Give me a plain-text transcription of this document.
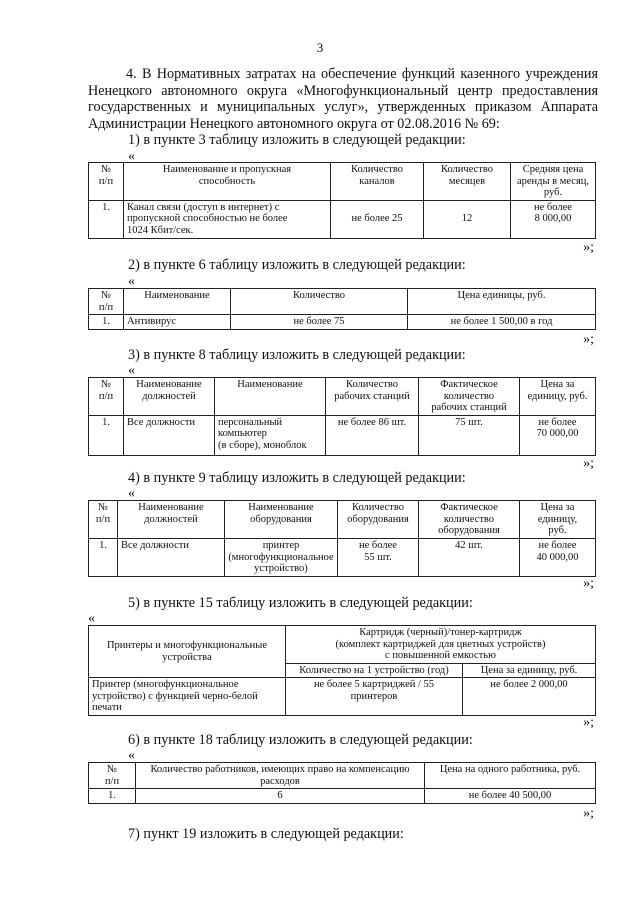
3
4. В Нормативных затратах на обеспечение функций казенного учреждения
Ненецкого автономного округа «Многофункциональный центр предоставления
государственных и муниципальных услуг», утвержденных приказом Аппарата
Администрации Ненецкого автономного округа от 02.08.2016 № 69:
1) в пункте 3 таблицу изложить в следующей редакции:
«
№
п/п	Наименование и пропускная
способность	Количество
каналов	Количество
месяцев	Средняя цена
аренды в месяц,
руб.
1.	Канал связи (доступ в интернет) с
пропускной способностью не более
1024 Кбит/сек.	не более 25	12	не более
8 000,00
»;
2) в пункте 6 таблицу изложить в следующей редакции:
«
№
п/п	Наименование	Количество	Цена единицы, руб.
1.	Антивирус	не более 75	не более 1 500,00 в год
»;
3) в пункте 8 таблицу изложить в следующей редакции:
«
№
п/п	Наименование
должностей	Наименование	Количество
рабочих станций	Фактическое
количество
рабочих станций	Цена за
единицу, руб.
1.	Все должности	персональный
компьютер
(в сборе), моноблок	не более 86 шт.	75 шт.	не более
70 000,00
»;
4) в пункте 9 таблицу изложить в следующей редакции:
«
№
п/п	Наименование
должностей	Наименование
оборудования	Количество
оборудования	Фактическое
количество
оборудования	Цена за
единицу,
руб.
1.	Все должности	принтер
(многофункциональное
устройство)	не более
55 шт.	42 шт.	не более
40 000,00
»;
5) в пункте 15 таблицу изложить в следующей редакции:
«
Принтеры и многофункциональные
устройства	Картридж (черный)/тонер-картридж
(комплект картриджей для цветных устройств)
с повышенной емкостью	
	Количество на 1 устройство (год)	Цена за единицу, руб.
Принтер (многофункциональное
устройство) с функцией черно-белой
печати	не более 5 картриджей / 55
принтеров	не более 2 000,00
»;
6) в пункте 18 таблицу изложить в следующей редакции:
«
№
п/п	Количество работников, имеющих право на компенсацию
расходов	Цена на одного работника, руб.
1.	6	не более 40 500,00
»;
7) пункт 19 изложить в следующей редакции:
